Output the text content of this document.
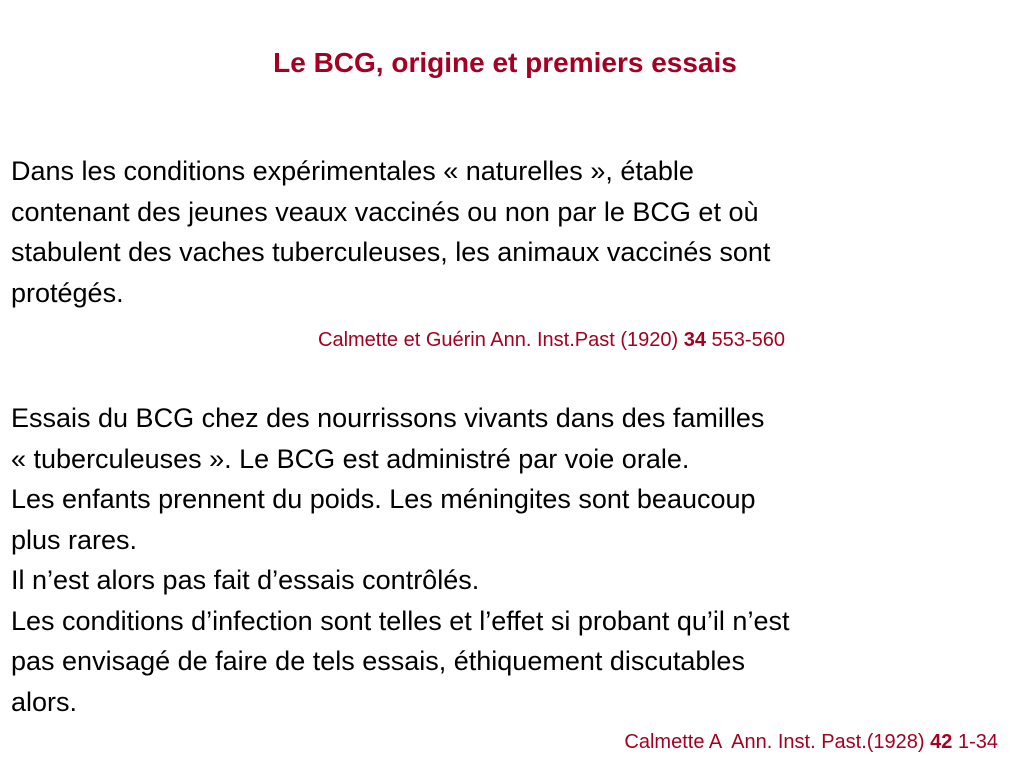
Le BCG, origine et premiers essais

Dans les conditions expérimentales « naturelles », étable

contenant des jeunes veaux vaccinés ou non par le BCG et où

stabulent des vaches tuberculeuses, les animaux vaccinés sont

protégés.

Calmette et Guérin Ann. Inst.Past (1920) 34 553-560

Essais du BCG chez des nourrissons vivants dans des familles

« tuberculeuses ». Le BCG est administré par voie orale.

Les enfants prennent du poids. Les méningites sont beaucoup

plus rares.

Il n’est alors pas fait d’essais contrôlés.

Les conditions d’infection sont telles et l’effet si probant qu’il n’est

pas envisagé de faire de tels essais, éthiquement discutables

alors.

Calmette A  Ann. Inst. Past.(1928) 42 1-34
